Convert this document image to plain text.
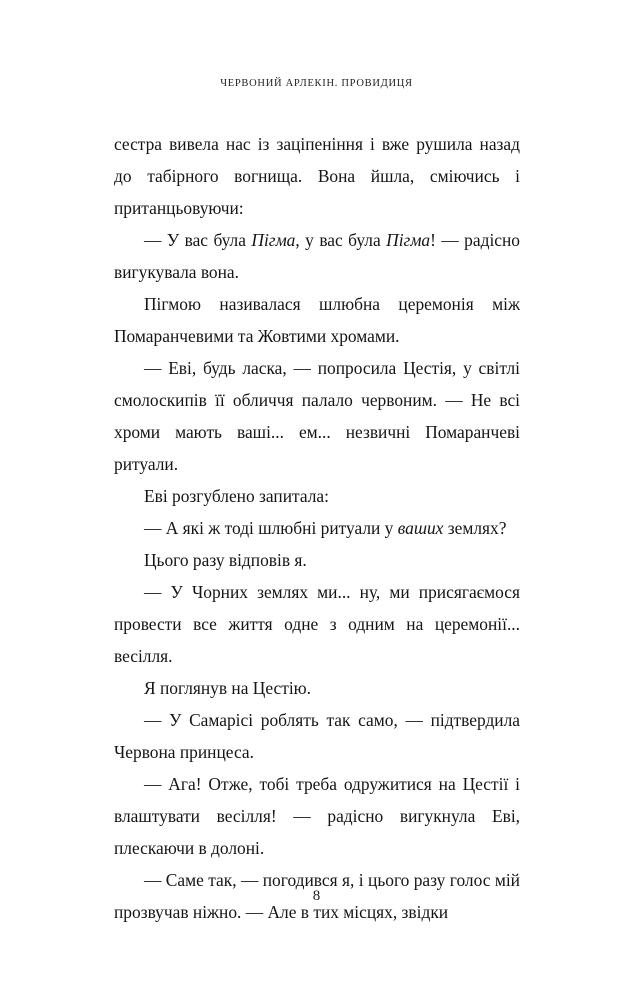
ЧЕРВОНИЙ АРЛЕКІН. ПРОВИДИЦЯ

сестра вивела нас із заціпеніння і вже рушила назад до табірного вогнища. Вона йшла, сміючись і пританцьовуючи:

— У вас була Пігма, у вас була Пігма! — радісно вигукувала вона.

Пігмою називалася шлюбна церемонія між Помаранчевими та Жовтими хромами.

— Еві, будь ласка, — попросила Цестія, у світлі смолоскипів її обличчя палало червоним. — Не всі хроми мають ваші... ем... незвичні Помаранчеві ритуали.

Еві розгублено запитала:

— А які ж тоді шлюбні ритуали у ваших землях?

Цього разу відповів я.

— У Чорних землях ми... ну, ми присягаємося провести все життя одне з одним на церемонії... весілля.

Я поглянув на Цестію.

— У Самарісі роблять так само, — підтвердила Червона принцеса.

— Ага! Отже, тобі треба одружитися на Цестії і влаштувати весілля! — радісно вигукнула Еві, плескаючи в долоні.

— Саме так, — погодився я, і цього разу голос мій прозвучав ніжно. — Але в тих місцях, звідки

8
